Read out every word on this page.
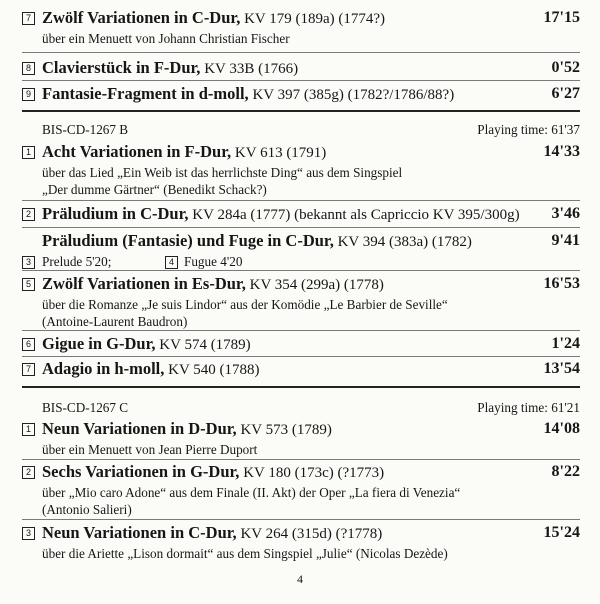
7 Zwölf Variationen in C-Dur, KV 179 (189a) (1774?)	17'15
über ein Menuett von Johann Christian Fischer
8 Clavierstück in F-Dur, KV 33B (1766)	0'52
9 Fantasie-Fragment in d-moll, KV 397 (385g) (1782?/1786/88?)	6'27
BIS-CD-1267 B	Playing time: 61'37
1 Acht Variationen in F-Dur, KV 613 (1791)	14'33
über das Lied „Ein Weib ist das herrlichste Ding“ aus dem Singspiel
„Der dumme Gärtner“ (Benedikt Schack?)
2 Präludium in C-Dur, KV 284a (1777) (bekannt als Capriccio KV 395/300g) 3'46
Präludium (Fantasie) und Fuge in C-Dur, KV 394 (383a) (1782)	9'41
3 Prelude 5'20;	4 Fugue 4'20
5 Zwölf Variationen in Es-Dur, KV 354 (299a) (1778)	16'53
über die Romanze „Je suis Lindor“ aus der Komödie „Le Barbier de Seville“
(Antoine-Laurent Baudron)
6 Gigue in G-Dur, KV 574 (1789)	1'24
7 Adagio in h-moll, KV 540 (1788)	13'54
BIS-CD-1267 C	Playing time: 61'21
1 Neun Variationen in D-Dur, KV 573 (1789)	14'08
über ein Menuett von Jean Pierre Duport
2 Sechs Variationen in G-Dur, KV 180 (173c) (?1773)	8'22
über „Mio caro Adone“ aus dem Finale (II. Akt) der Oper „La fiera di Venezia“
(Antonio Salieri)
3 Neun Variationen in C-Dur, KV 264 (315d) (?1778)	15'24
über die Ariette „Lison dormait“ aus dem Singspiel „Julie“ (Nicolas Dezède)
4
